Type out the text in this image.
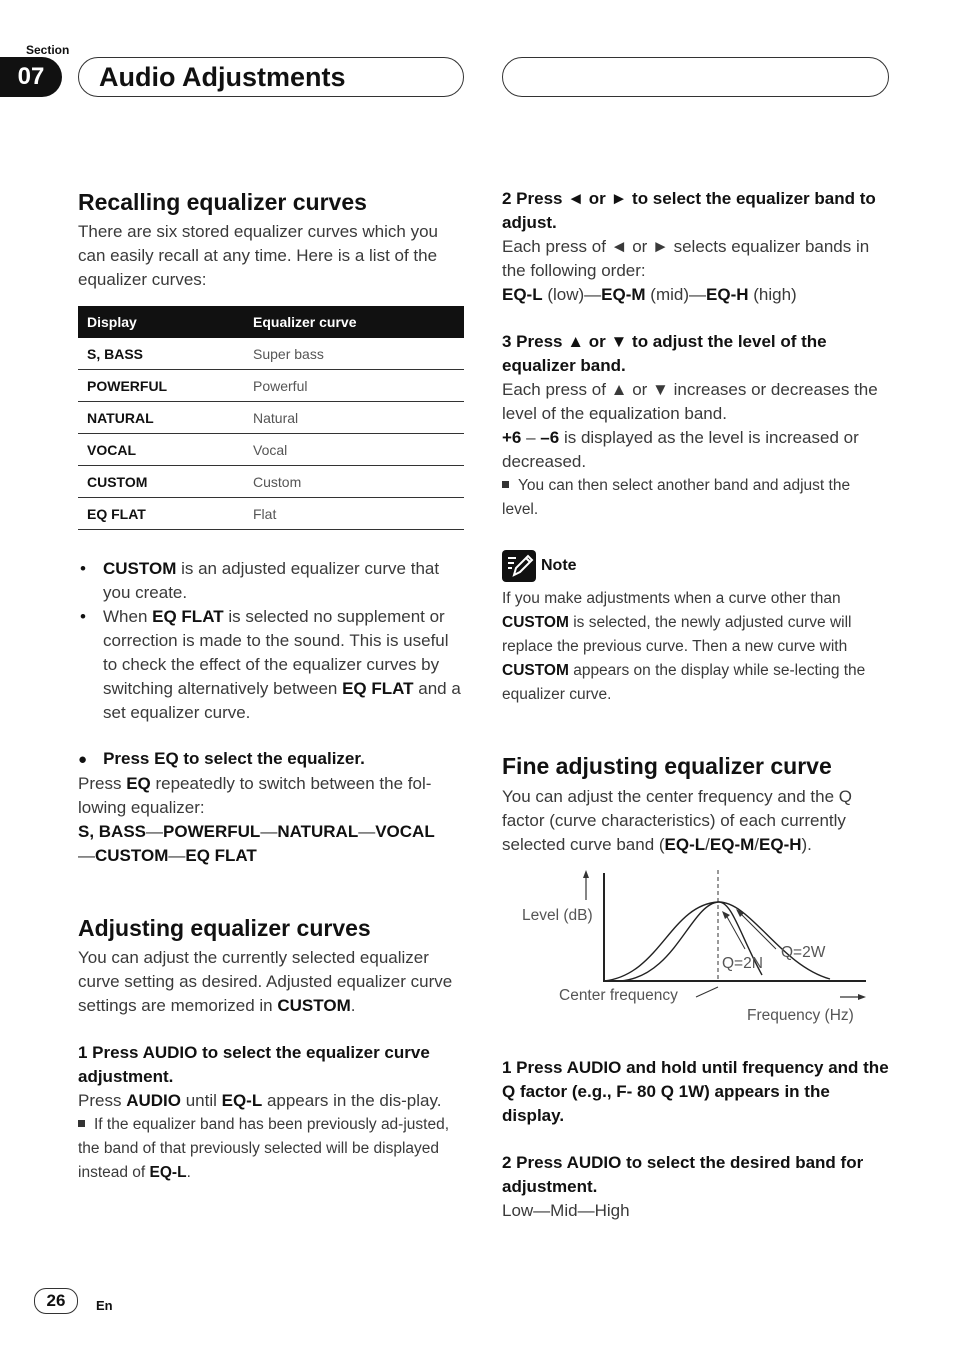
Section
07	Audio Adjustments
Recalling equalizer curves

There are six stored equalizer curves which you can easily recall at any time. Here is a list of the equalizer curves:

Display	Equalizer curve
S, BASS	Super bass
POWERFUL	Powerful
NATURAL	Natural
VOCAL	Vocal
CUSTOM	Custom
EQ FLAT	Flat
• CUSTOM is an adjusted equalizer curve that you create.
• When EQ FLAT is selected no supplement or correction is made to the sound. This is useful to check the effect of the equalizer curves by switching alternatively between EQ FLAT and a set equalizer curve.
● Press EQ to select the equalizer.
Press EQ repeatedly to switch between the fol-lowing equalizer:
S, BASS—POWERFUL—NATURAL—VOCAL
—CUSTOM—EQ FLAT
Adjusting equalizer curves

You can adjust the currently selected equalizer curve setting as desired. Adjusted equalizer curve settings are memorized in CUSTOM.

1 Press AUDIO to select the equalizer curve adjustment.
Press AUDIO until EQ-L appears in the dis-play.
If the equalizer band has been previously ad-justed, the band of that previously selected will be displayed instead of EQ-L.
2 Press ◄ or ► to select the equalizer band to adjust.
Each press of ◄ or ► selects equalizer bands in the following order:
EQ-L (low)—EQ-M (mid)—EQ-H (high)
3 Press ▲ or ▼ to adjust the level of the equalizer band.
Each press of ▲ or ▼ increases or decreases the level of the equalization band.
+6 – –6 is displayed as the level is increased or decreased.
You can then select another band and adjust the level.
Note

If you make adjustments when a curve other than CUSTOM is selected, the newly adjusted curve will replace the previous curve. Then a new curve with CUSTOM appears on the display while se-lecting the equalizer curve.

Fine adjusting equalizer curve

You can adjust the center frequency and the Q factor (curve characteristics) of each currently selected curve band (EQ-L/EQ-M/EQ-H).

Level (dB)
Q=2N
Q=2W
Center frequency
Frequency (Hz)
1 Press AUDIO and hold until frequency and the Q factor (e.g., F- 80 Q 1W) appears in the display.
2 Press AUDIO to select the desired band for adjustment.
Low—Mid—High
26	En
